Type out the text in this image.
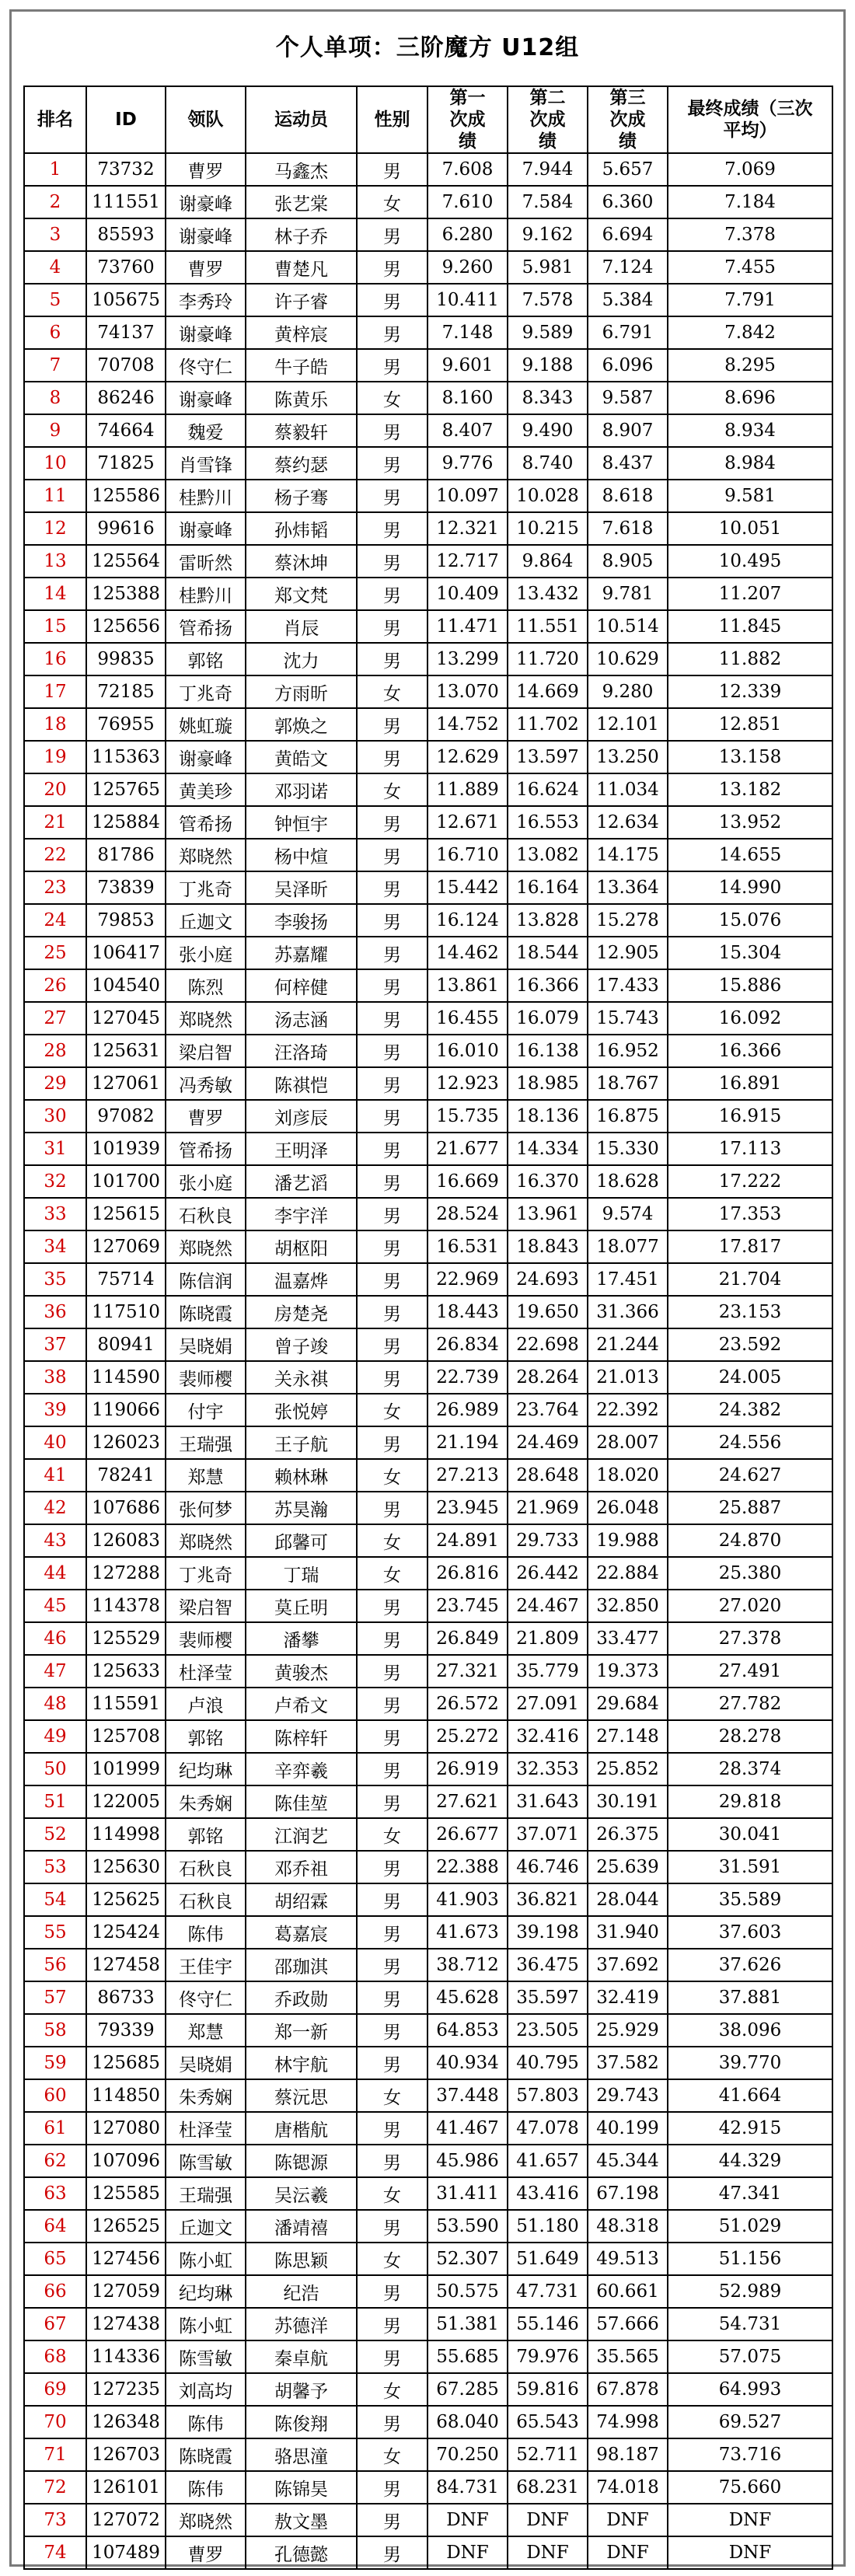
个人单项：三阶魔方 U12组
排名	ID	领队	运动员	性别	第一次成绩	第二次成绩	第三次成绩	最终成绩（三次平均）
1	73732	曹罗	马鑫杰	男	7.608	7.944	5.657	7.069
2	111551	谢豪峰	张艺棠	女	7.610	7.584	6.360	7.184
3	85593	谢豪峰	林子乔	男	6.280	9.162	6.694	7.378
4	73760	曹罗	曹楚凡	男	9.260	5.981	7.124	7.455
5	105675	李秀玲	许子睿	男	10.411	7.578	5.384	7.791
6	74137	谢豪峰	黄梓宸	男	7.148	9.589	6.791	7.842
7	70708	佟守仁	牛子皓	男	9.601	9.188	6.096	8.295
8	86246	谢豪峰	陈黄乐	女	8.160	8.343	9.587	8.696
9	74664	魏爱	蔡毅轩	男	8.407	9.490	8.907	8.934
10	71825	肖雪锋	蔡约瑟	男	9.776	8.740	8.437	8.984
11	125586	桂黔川	杨子骞	男	10.097	10.028	8.618	9.581
12	99616	谢豪峰	孙炜韬	男	12.321	10.215	7.618	10.051
13	125564	雷昕然	蔡沐坤	男	12.717	9.864	8.905	10.495
14	125388	桂黔川	郑文梵	男	10.409	13.432	9.781	11.207
15	125656	管希扬	肖辰	男	11.471	11.551	10.514	11.845
16	99835	郭铭	沈力	男	13.299	11.720	10.629	11.882
17	72185	丁兆奇	方雨昕	女	13.070	14.669	9.280	12.339
18	76955	姚虹璇	郭焕之	男	14.752	11.702	12.101	12.851
19	115363	谢豪峰	黄皓文	男	12.629	13.597	13.250	13.158
20	125765	黄美珍	邓羽诺	女	11.889	16.624	11.034	13.182
21	125884	管希扬	钟恒宇	男	12.671	16.553	12.634	13.952
22	81786	郑晓然	杨中煊	男	16.710	13.082	14.175	14.655
23	73839	丁兆奇	吴泽昕	男	15.442	16.164	13.364	14.990
24	79853	丘迦文	李骏扬	男	16.124	13.828	15.278	15.076
25	106417	张小庭	苏嘉耀	男	14.462	18.544	12.905	15.304
26	104540	陈烈	何梓健	男	13.861	16.366	17.433	15.886
27	127045	郑晓然	汤志涵	男	16.455	16.079	15.743	16.092
28	125631	梁启智	汪洛琦	男	16.010	16.138	16.952	16.366
29	127061	冯秀敏	陈祺恺	男	12.923	18.985	18.767	16.891
30	97082	曹罗	刘彦辰	男	15.735	18.136	16.875	16.915
31	101939	管希扬	王明泽	男	21.677	14.334	15.330	17.113
32	101700	张小庭	潘艺滔	男	16.669	16.370	18.628	17.222
33	125615	石秋良	李宇洋	男	28.524	13.961	9.574	17.353
34	127069	郑晓然	胡枢阳	男	16.531	18.843	18.077	17.817
35	75714	陈信润	温嘉烨	男	22.969	24.693	17.451	21.704
36	117510	陈晓霞	房楚尧	男	18.443	19.650	31.366	23.153
37	80941	吴晓娟	曾子竣	男	26.834	22.698	21.244	23.592
38	114590	裴师樱	关永祺	男	22.739	28.264	21.013	24.005
39	119066	付宇	张悦婷	女	26.989	23.764	22.392	24.382
40	126023	王瑞强	王子航	男	21.194	24.469	28.007	24.556
41	78241	郑慧	赖林琳	女	27.213	28.648	18.020	24.627
42	107686	张何梦	苏昊瀚	男	23.945	21.969	26.048	25.887
43	126083	郑晓然	邱馨可	女	24.891	29.733	19.988	24.870
44	127288	丁兆奇	丁瑞	女	26.816	26.442	22.884	25.380
45	114378	梁启智	莫丘明	男	23.745	24.467	32.850	27.020
46	125529	裴师樱	潘攀	男	26.849	21.809	33.477	27.378
47	125633	杜泽莹	黄骏杰	男	27.321	35.779	19.373	27.491
48	115591	卢浪	卢希文	男	26.572	27.091	29.684	27.782
49	125708	郭铭	陈梓轩	男	25.272	32.416	27.148	28.278
50	101999	纪均琳	辛弈羲	男	26.919	32.353	25.852	28.374
51	122005	朱秀娴	陈佳堃	男	27.621	31.643	30.191	29.818
52	114998	郭铭	江润艺	女	26.677	37.071	26.375	30.041
53	125630	石秋良	邓乔祖	男	22.388	46.746	25.639	31.591
54	125625	石秋良	胡绍霖	男	41.903	36.821	28.044	35.589
55	125424	陈伟	葛嘉宸	男	41.673	39.198	31.940	37.603
56	127458	王佳宇	邵珈淇	男	38.712	36.475	37.692	37.626
57	86733	佟守仁	乔政勋	男	45.628	35.597	32.419	37.881
58	79339	郑慧	郑一新	男	64.853	23.505	25.929	38.096
59	125685	吴晓娟	林宇航	男	40.934	40.795	37.582	39.770
60	114850	朱秀娴	蔡沅思	女	37.448	57.803	29.743	41.664
61	127080	杜泽莹	唐楷航	男	41.467	47.078	40.199	42.915
62	107096	陈雪敏	陈锶源	男	45.986	41.657	45.344	44.329
63	125585	王瑞强	吴沄羲	女	31.411	43.416	67.198	47.341
64	126525	丘迦文	潘靖禧	男	53.590	51.180	48.318	51.029
65	127456	陈小虹	陈思颖	女	52.307	51.649	49.513	51.156
66	127059	纪均琳	纪浩	男	50.575	47.731	60.661	52.989
67	127438	陈小虹	苏德洋	男	51.381	55.146	57.666	54.731
68	114336	陈雪敏	秦卓航	男	55.685	79.976	35.565	57.075
69	127235	刘高均	胡馨予	女	67.285	59.816	67.878	64.993
70	126348	陈伟	陈俊翔	男	68.040	65.543	74.998	69.527
71	126703	陈晓霞	骆思潼	女	70.250	52.711	98.187	73.716
72	126101	陈伟	陈锦昊	男	84.731	68.231	74.018	75.660
73	127072	郑晓然	敖文墨	男	DNF	DNF	DNF	DNF
74	107489	曹罗	孔德懿	男	DNF	DNF	DNF	DNF
